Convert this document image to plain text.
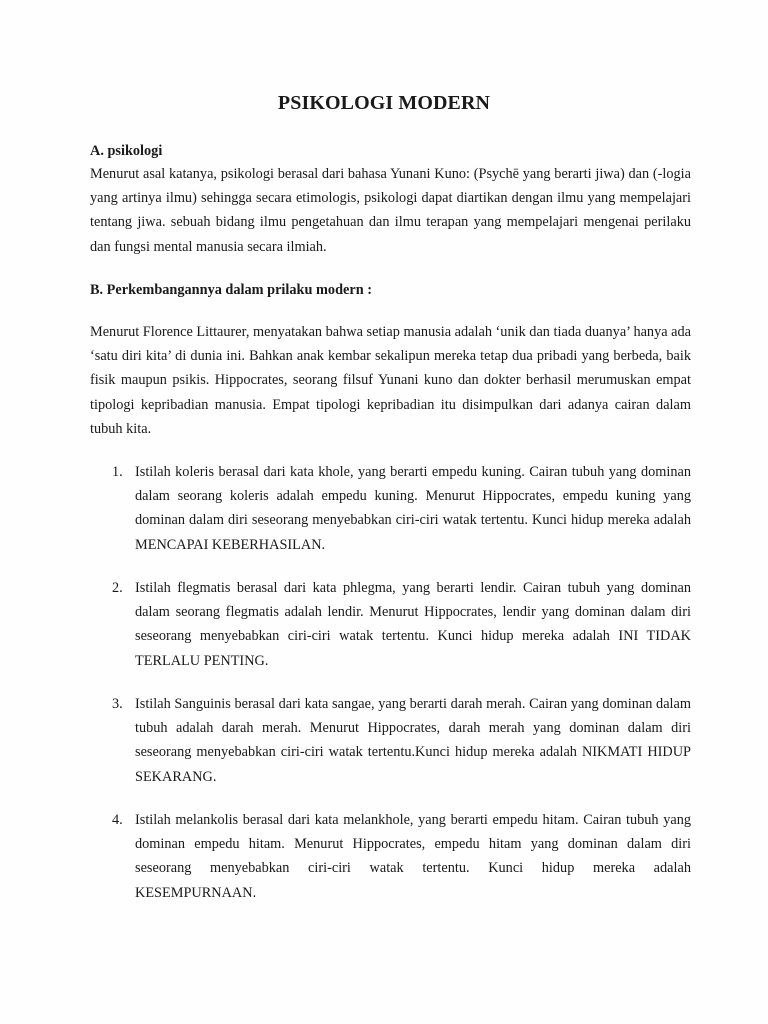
PSIKOLOGI MODERN
A. psikologi
Menurut asal katanya, psikologi berasal dari bahasa Yunani Kuno: (Psychē yang berarti jiwa) dan (-logia yang artinya ilmu) sehingga secara etimologis, psikologi dapat diartikan dengan ilmu yang mempelajari tentang jiwa. sebuah bidang ilmu pengetahuan dan ilmu terapan yang mempelajari mengenai perilaku dan fungsi mental manusia secara ilmiah.
B. Perkembangannya dalam prilaku modern :
Menurut Florence Littaurer, menyatakan bahwa setiap manusia adalah ‘unik dan tiada duanya’ hanya ada ‘satu diri kita’ di dunia ini. Bahkan anak kembar sekalipun mereka tetap dua pribadi yang berbeda, baik fisik maupun psikis. Hippocrates, seorang filsuf Yunani kuno dan dokter berhasil merumuskan empat tipologi kepribadian manusia. Empat tipologi kepribadian itu disimpulkan dari adanya cairan dalam tubuh kita.
1. Istilah koleris berasal dari kata khole, yang berarti empedu kuning. Cairan tubuh yang dominan dalam seorang koleris adalah empedu kuning. Menurut Hippocrates, empedu kuning yang dominan dalam diri seseorang menyebabkan ciri-ciri watak tertentu. Kunci hidup mereka adalah MENCAPAI KEBERHASILAN.
2. Istilah flegmatis berasal dari kata phlegma, yang berarti lendir. Cairan tubuh yang dominan dalam seorang flegmatis adalah lendir. Menurut Hippocrates, lendir yang dominan dalam diri seseorang menyebabkan ciri-ciri watak tertentu. Kunci hidup mereka adalah INI TIDAK TERLALU PENTING.
3. Istilah Sanguinis berasal dari kata sangae, yang berarti darah merah. Cairan yang dominan dalam tubuh adalah darah merah. Menurut Hippocrates, darah merah yang dominan dalam diri seseorang menyebabkan ciri-ciri watak tertentu.Kunci hidup mereka adalah NIKMATI HIDUP SEKARANG.
4. Istilah melankolis berasal dari kata melankhole, yang berarti empedu hitam. Cairan tubuh yang dominan empedu hitam. Menurut Hippocrates, empedu hitam yang dominan dalam diri seseorang menyebabkan ciri-ciri watak tertentu. Kunci hidup mereka adalah KESEMPURNAAN.
